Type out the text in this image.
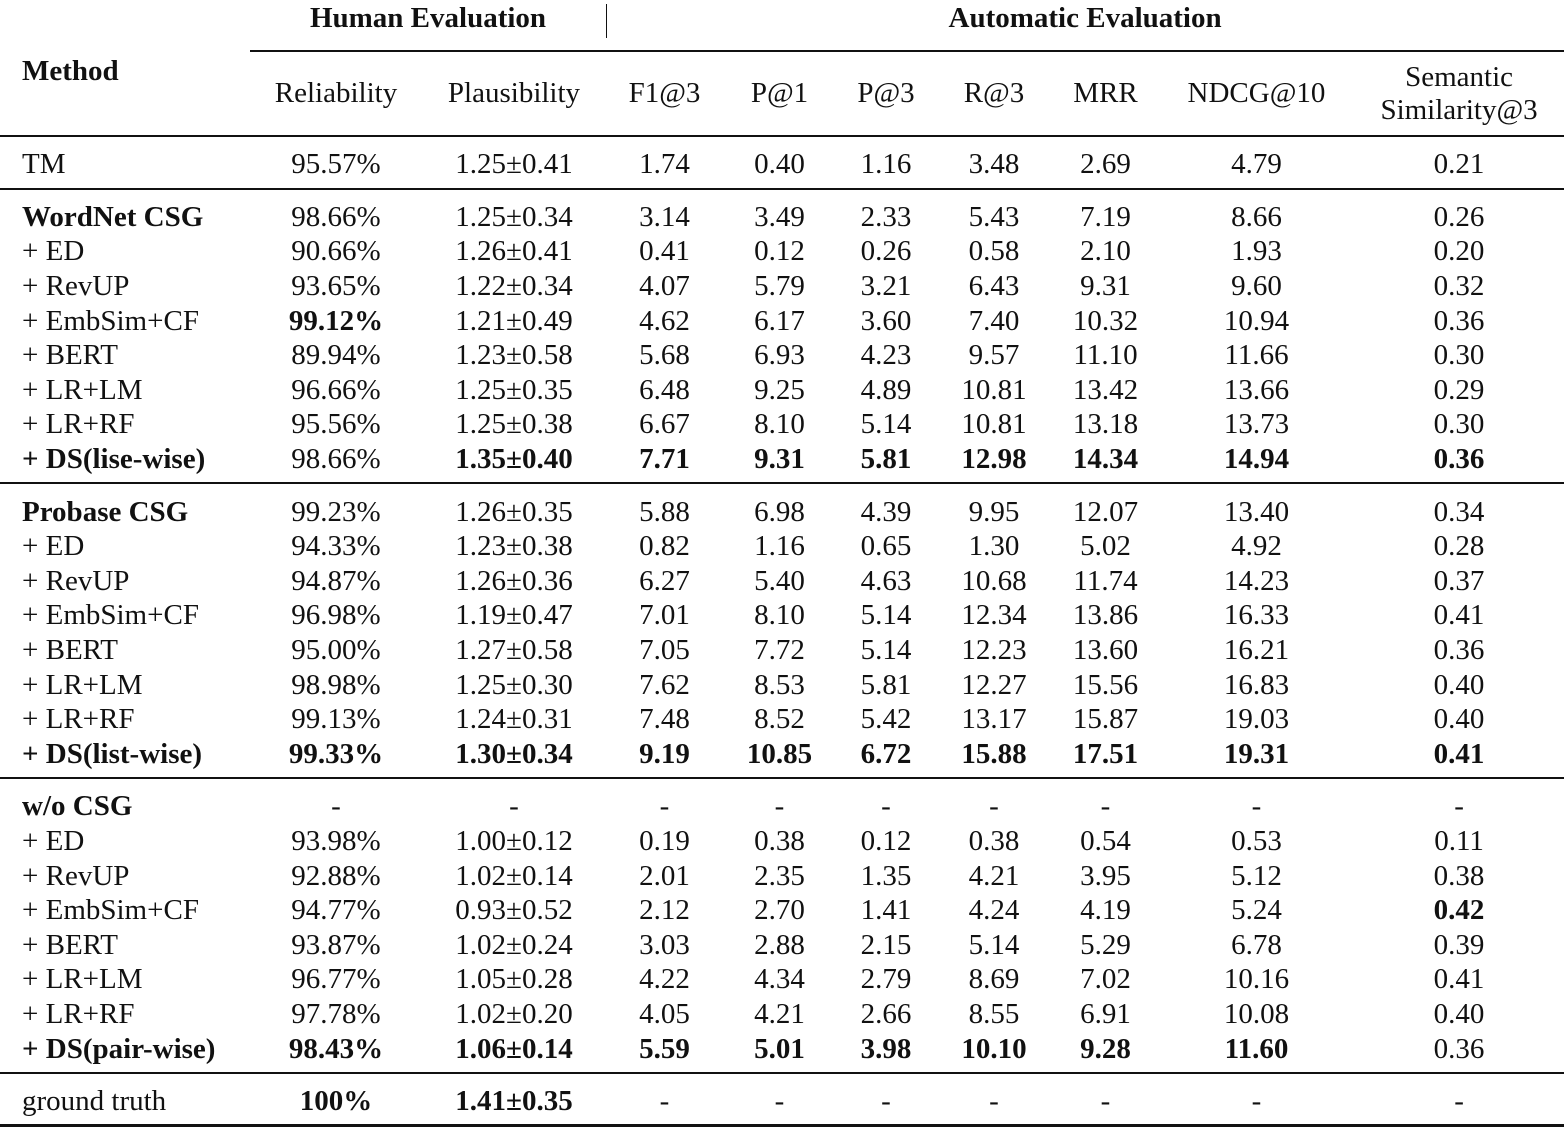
Method	Human Evaluation		Automatic Evaluation						
	Reliability	Plausibility	F1@3	P@1	P@3	R@3	MRR	NDCG@10	Semantic
Similarity@3
TM	95.57%	1.25±0.41	1.74	0.40	1.16	3.48	2.69	4.79	0.21
WordNet CSG	98.66%	1.25±0.34	3.14	3.49	2.33	5.43	7.19	8.66	0.26
+ ED	90.66%	1.26±0.41	0.41	0.12	0.26	0.58	2.10	1.93	0.20
+ RevUP	93.65%	1.22±0.34	4.07	5.79	3.21	6.43	9.31	9.60	0.32
+ EmbSim+CF	99.12%	1.21±0.49	4.62	6.17	3.60	7.40	10.32	10.94	0.36
+ BERT	89.94%	1.23±0.58	5.68	6.93	4.23	9.57	11.10	11.66	0.30
+ LR+LM	96.66%	1.25±0.35	6.48	9.25	4.89	10.81	13.42	13.66	0.29
+ LR+RF	95.56%	1.25±0.38	6.67	8.10	5.14	10.81	13.18	13.73	0.30
+ DS(lise-wise)	98.66%	1.35±0.40	7.71	9.31	5.81	12.98	14.34	14.94	0.36
Probase CSG	99.23%	1.26±0.35	5.88	6.98	4.39	9.95	12.07	13.40	0.34
+ ED	94.33%	1.23±0.38	0.82	1.16	0.65	1.30	5.02	4.92	0.28
+ RevUP	94.87%	1.26±0.36	6.27	5.40	4.63	10.68	11.74	14.23	0.37
+ EmbSim+CF	96.98%	1.19±0.47	7.01	8.10	5.14	12.34	13.86	16.33	0.41
+ BERT	95.00%	1.27±0.58	7.05	7.72	5.14	12.23	13.60	16.21	0.36
+ LR+LM	98.98%	1.25±0.30	7.62	8.53	5.81	12.27	15.56	16.83	0.40
+ LR+RF	99.13%	1.24±0.31	7.48	8.52	5.42	13.17	15.87	19.03	0.40
+ DS(list-wise)	99.33%	1.30±0.34	9.19	10.85	6.72	15.88	17.51	19.31	0.41
w/o CSG	-	-	-	-	-	-	-	-	-
+ ED	93.98%	1.00±0.12	0.19	0.38	0.12	0.38	0.54	0.53	0.11
+ RevUP	92.88%	1.02±0.14	2.01	2.35	1.35	4.21	3.95	5.12	0.38
+ EmbSim+CF	94.77%	0.93±0.52	2.12	2.70	1.41	4.24	4.19	5.24	0.42
+ BERT	93.87%	1.02±0.24	3.03	2.88	2.15	5.14	5.29	6.78	0.39
+ LR+LM	96.77%	1.05±0.28	4.22	4.34	2.79	8.69	7.02	10.16	0.41
+ LR+RF	97.78%	1.02±0.20	4.05	4.21	2.66	8.55	6.91	10.08	0.40
+ DS(pair-wise)	98.43%	1.06±0.14	5.59	5.01	3.98	10.10	9.28	11.60	0.36
ground truth	100%	1.41±0.35	-	-	-	-	-	-	-
